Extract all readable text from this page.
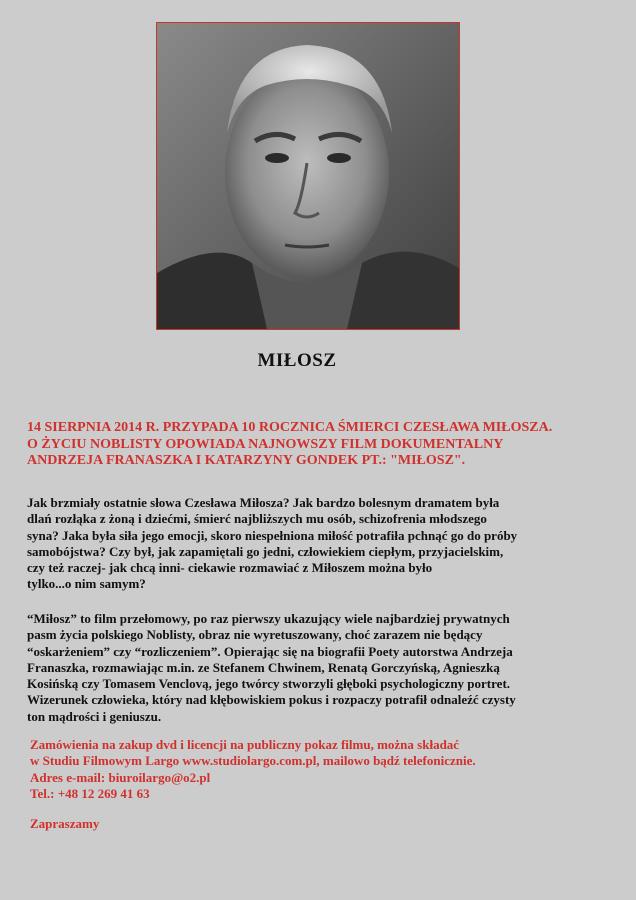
MIŁOSZ

14 SIERPNIA 2014 R. PRZYPADA 10 ROCZNICA ŚMIERCI CZESŁAWA MIŁOSZA.
O ŻYCIU NOBLISTY OPOWIADA NAJNOWSZY FILM DOKUMENTALNY
ANDRZEJA FRANASZKA I KATARZYNY GONDEK PT.: "MIŁOSZ".

Jak brzmiały ostatnie słowa Czesława Miłosza? Jak bardzo bolesnym dramatem była
dlań rozłąka z żoną i dziećmi, śmierć najbliższych mu osób, schizofrenia młodszego
syna? Jaka była siła jego emocji, skoro niespełniona miłość potrafiła pchnąć go do próby
samobójstwa? Czy był, jak zapamiętali go jedni, człowiekiem ciepłym, przyjacielskim,
czy też raczej- jak chcą inni- ciekawie rozmawiać z Miłoszem można było
tylko...o nim samym?

“Miłosz” to film przełomowy, po raz pierwszy ukazujący wiele najbardziej prywatnych
pasm życia polskiego Noblisty, obraz nie wyretuszowany, choć zarazem nie będący
“oskarżeniem” czy “rozliczeniem”. Opierając się na biografii Poety autorstwa Andrzeja
Franaszka, rozmawiając m.in. ze Stefanem Chwinem, Renatą Gorczyńską, Agnieszką
Kosińską czy Tomasem Venclovą, jego twórcy stworzyli głęboki psychologiczny portret.
Wizerunek człowieka, który nad kłębowiskiem pokus i rozpaczy potrafił odnaleźć czysty
ton mądrości i geniuszu.

Zamówienia na zakup dvd i licencji na publiczny pokaz filmu, można składać
w Studiu Filmowym Largo www.studiolargo.com.pl, mailowo bądź telefonicznie.
Adres e-mail: biuroilargo@o2.pl
Tel.: +48 12 269 41 63

Zapraszamy
